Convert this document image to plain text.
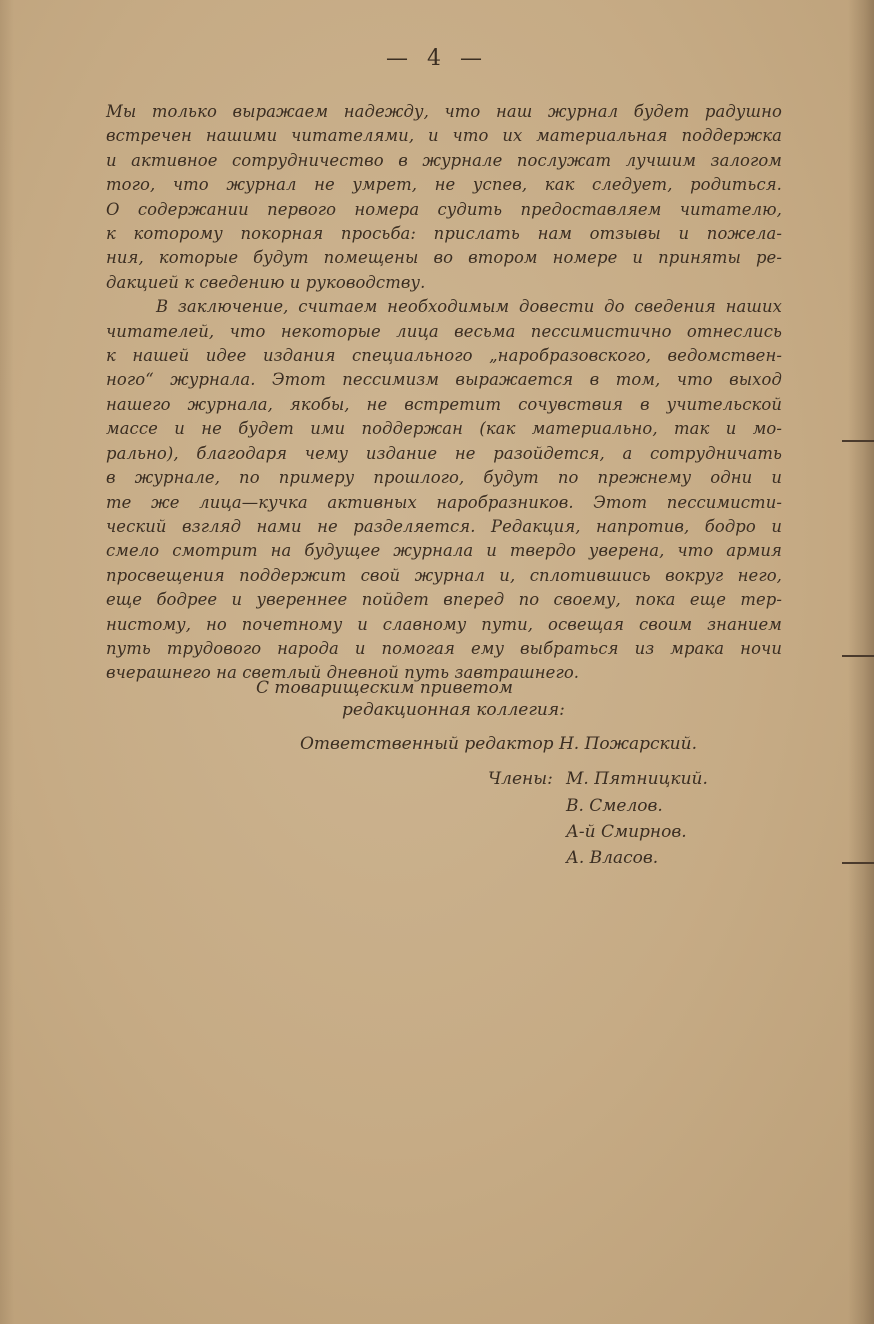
— 4 —
Мы только выражаем надежду, что наш журнал будет радушно
встречен нашими читателями, и что их материальная поддержка
и активное сотрудничество в журнале послужат лучшим залогом
того, что журнал не умрет, не успев, как следует, родиться.
О содержании первого номера судить предоставляем читателю,
к которому покорная просьба: прислать нам отзывы и пожела-
ния, которые будут помещены во втором номере и приняты ре-
дакцией к сведению и руководству.
В заключение, считаем необходимым довести до сведения наших
читателей, что некоторые лица весьма пессимистично отнеслись
к нашей идее издания специального „наробразовского, ведомствен-
ного“ журнала. Этот пессимизм выражается в том, что выход
нашего журнала, якобы, не встретит сочувствия в учительской
массе и не будет ими поддержан (как материально, так и мо-
рально), благодаря чему издание не разойдется, а сотрудничать
в журнале, по примеру прошлого, будут по прежнему одни и
те же лица—кучка активных наробразников. Этот пессимисти-
ческий взгляд нами не разделяется. Редакция, напротив, бодро и
смело смотрит на будущее журнала и твердо уверена, что армия
просвещения поддержит свой журнал и, сплотившись вокруг него,
еще бодрее и увереннее пойдет вперед по своему, пока еще тер-
нистому, но почетному и славному пути, освещая своим знанием
путь трудового народа и помогая ему выбраться из мрака ночи
вчерашнего на светлый дневной путь завтрашнего.
С товарищеским приветом
редакционная коллегия:
Ответственный редактор Н. Пожарский.
Члены: М. Пятницкий.
В. Смелов.
А-й Смирнов.
А. Власов.
